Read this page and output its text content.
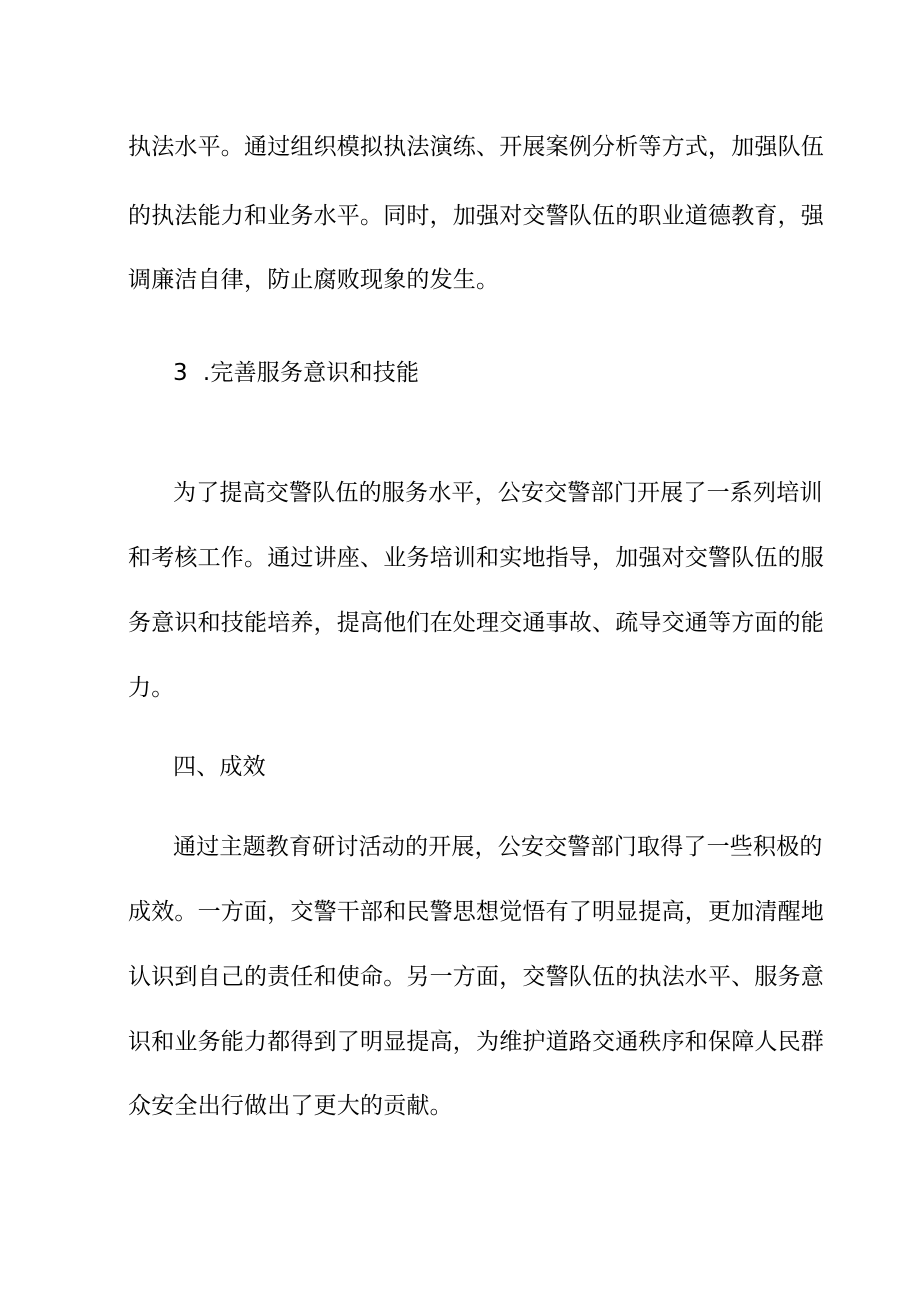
执法水平。通过组织模拟执法演练、开展案例分析等方式，加强队伍
的执法能力和业务水平。同时，加强对交警队伍的职业道德教育，强
调廉洁自律，防止腐败现象的发生。
3  .完善服务意识和技能
为了提高交警队伍的服务水平，公安交警部门开展了一系列培训
和考核工作。通过讲座、业务培训和实地指导，加强对交警队伍的服
务意识和技能培养，提高他们在处理交通事故、疏导交通等方面的能
力。
四、成效
通过主题教育研讨活动的开展，公安交警部门取得了一些积极的
成效。一方面，交警干部和民警思想觉悟有了明显提高，更加清醒地
认识到自己的责任和使命。另一方面，交警队伍的执法水平、服务意
识和业务能力都得到了明显提高，为维护道路交通秩序和保障人民群
众安全出行做出了更大的贡献。
